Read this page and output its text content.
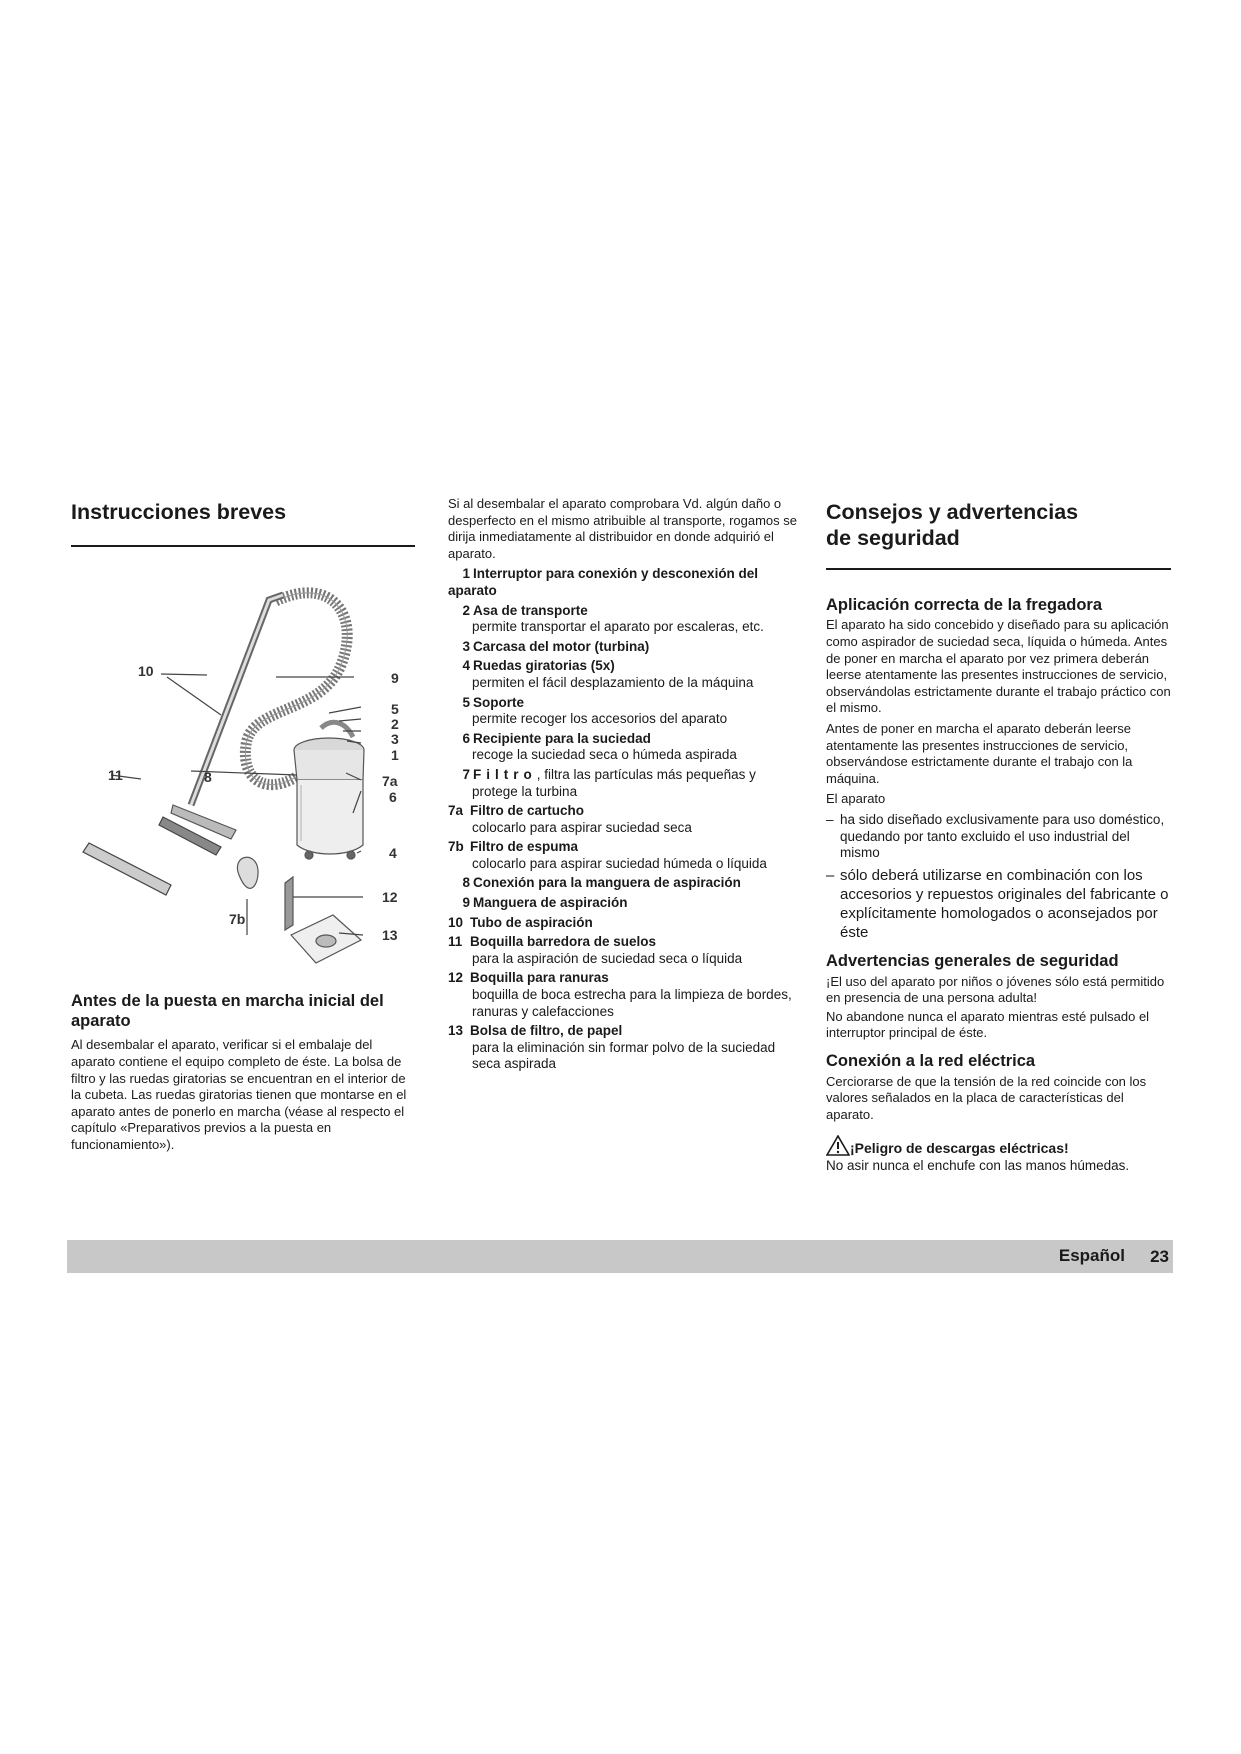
Instrucciones breves
10	9
5
2
3
1
11	8	7a
6
4
12
7b
13
Antes de la puesta en marcha inicial del aparato

Al desembalar el aparato, verificar si el embalaje del aparato contiene el equipo completo de éste. La bolsa de filtro y las ruedas giratorias se encuentran en el interior de la cubeta. Las ruedas giratorias tienen que montarse en el aparato antes de ponerlo en marcha (véase al respecto el capítulo «Preparativos previos a la puesta en funcionamiento»).

Si al desembalar el aparato comprobara Vd. algún daño o desperfecto en el mismo atribuible al transporte, rogamos se dirija inmediatamente al distribuidor en donde adquirió el aparato.

1 Interruptor para conexión y desconexión del aparato
2 Asa de transporte
permite transportar el aparato por escaleras, etc.
3 Carcasa del motor (turbina)
4 Ruedas giratorias (5x)
permiten el fácil desplazamiento de la máquina
5 Soporte
permite recoger los accesorios del aparato
6 Recipiente para la suciedad
recoge la suciedad seca o húmeda aspirada
7 Filtro, filtra las partículas más pequeñas y
protege la turbina
7a Filtro de cartucho
colocarlo para aspirar suciedad seca
7b Filtro de espuma
colocarlo para aspirar suciedad húmeda o líquida
8 Conexión para la manguera de aspiración
9 Manguera de aspiración
10 Tubo de aspiración
11 Boquilla barredora de suelos
para la aspiración de suciedad seca o líquida
12 Boquilla para ranuras
boquilla de boca estrecha para la limpieza de bordes, ranuras y calefacciones
13 Bolsa de filtro, de papel
para la eliminación sin formar polvo de la suciedad seca aspirada
Consejos y advertencias
de seguridad
Aplicación correcta de la fregadora

El aparato ha sido concebido y diseñado para su aplicación como aspirador de suciedad seca, líquida o húmeda. Antes de poner en marcha el aparato por vez primera deberán leerse atentamente las presentes instrucciones de servicio, observándolas estrictamente durante el trabajo práctico con el mismo.

Antes de poner en marcha el aparato deberán leerse atentamente las presentes instrucciones de servicio, observándose estrictamente durante el trabajo con la máquina.

El aparato

– ha sido diseñado exclusivamente para uso doméstico, quedando por tanto excluido el uso industrial del mismo
– sólo deberá utilizarse en combinación con los accesorios y repuestos originales del fabricante o explícitamente homologados o aconsejados por éste
Advertencias generales de seguridad

¡El uso del aparato por niños o jóvenes sólo está permitido en presencia de una persona adulta!

No abandone nunca el aparato mientras esté pulsado el interruptor principal de éste.

Conexión a la red eléctrica

Cerciorarse de que la tensión de la red coincide con los valores señalados en la placa de características del aparato.

¡Peligro de descargas eléctricas!

No asir nunca el enchufe con las manos húmedas.

Español 23
